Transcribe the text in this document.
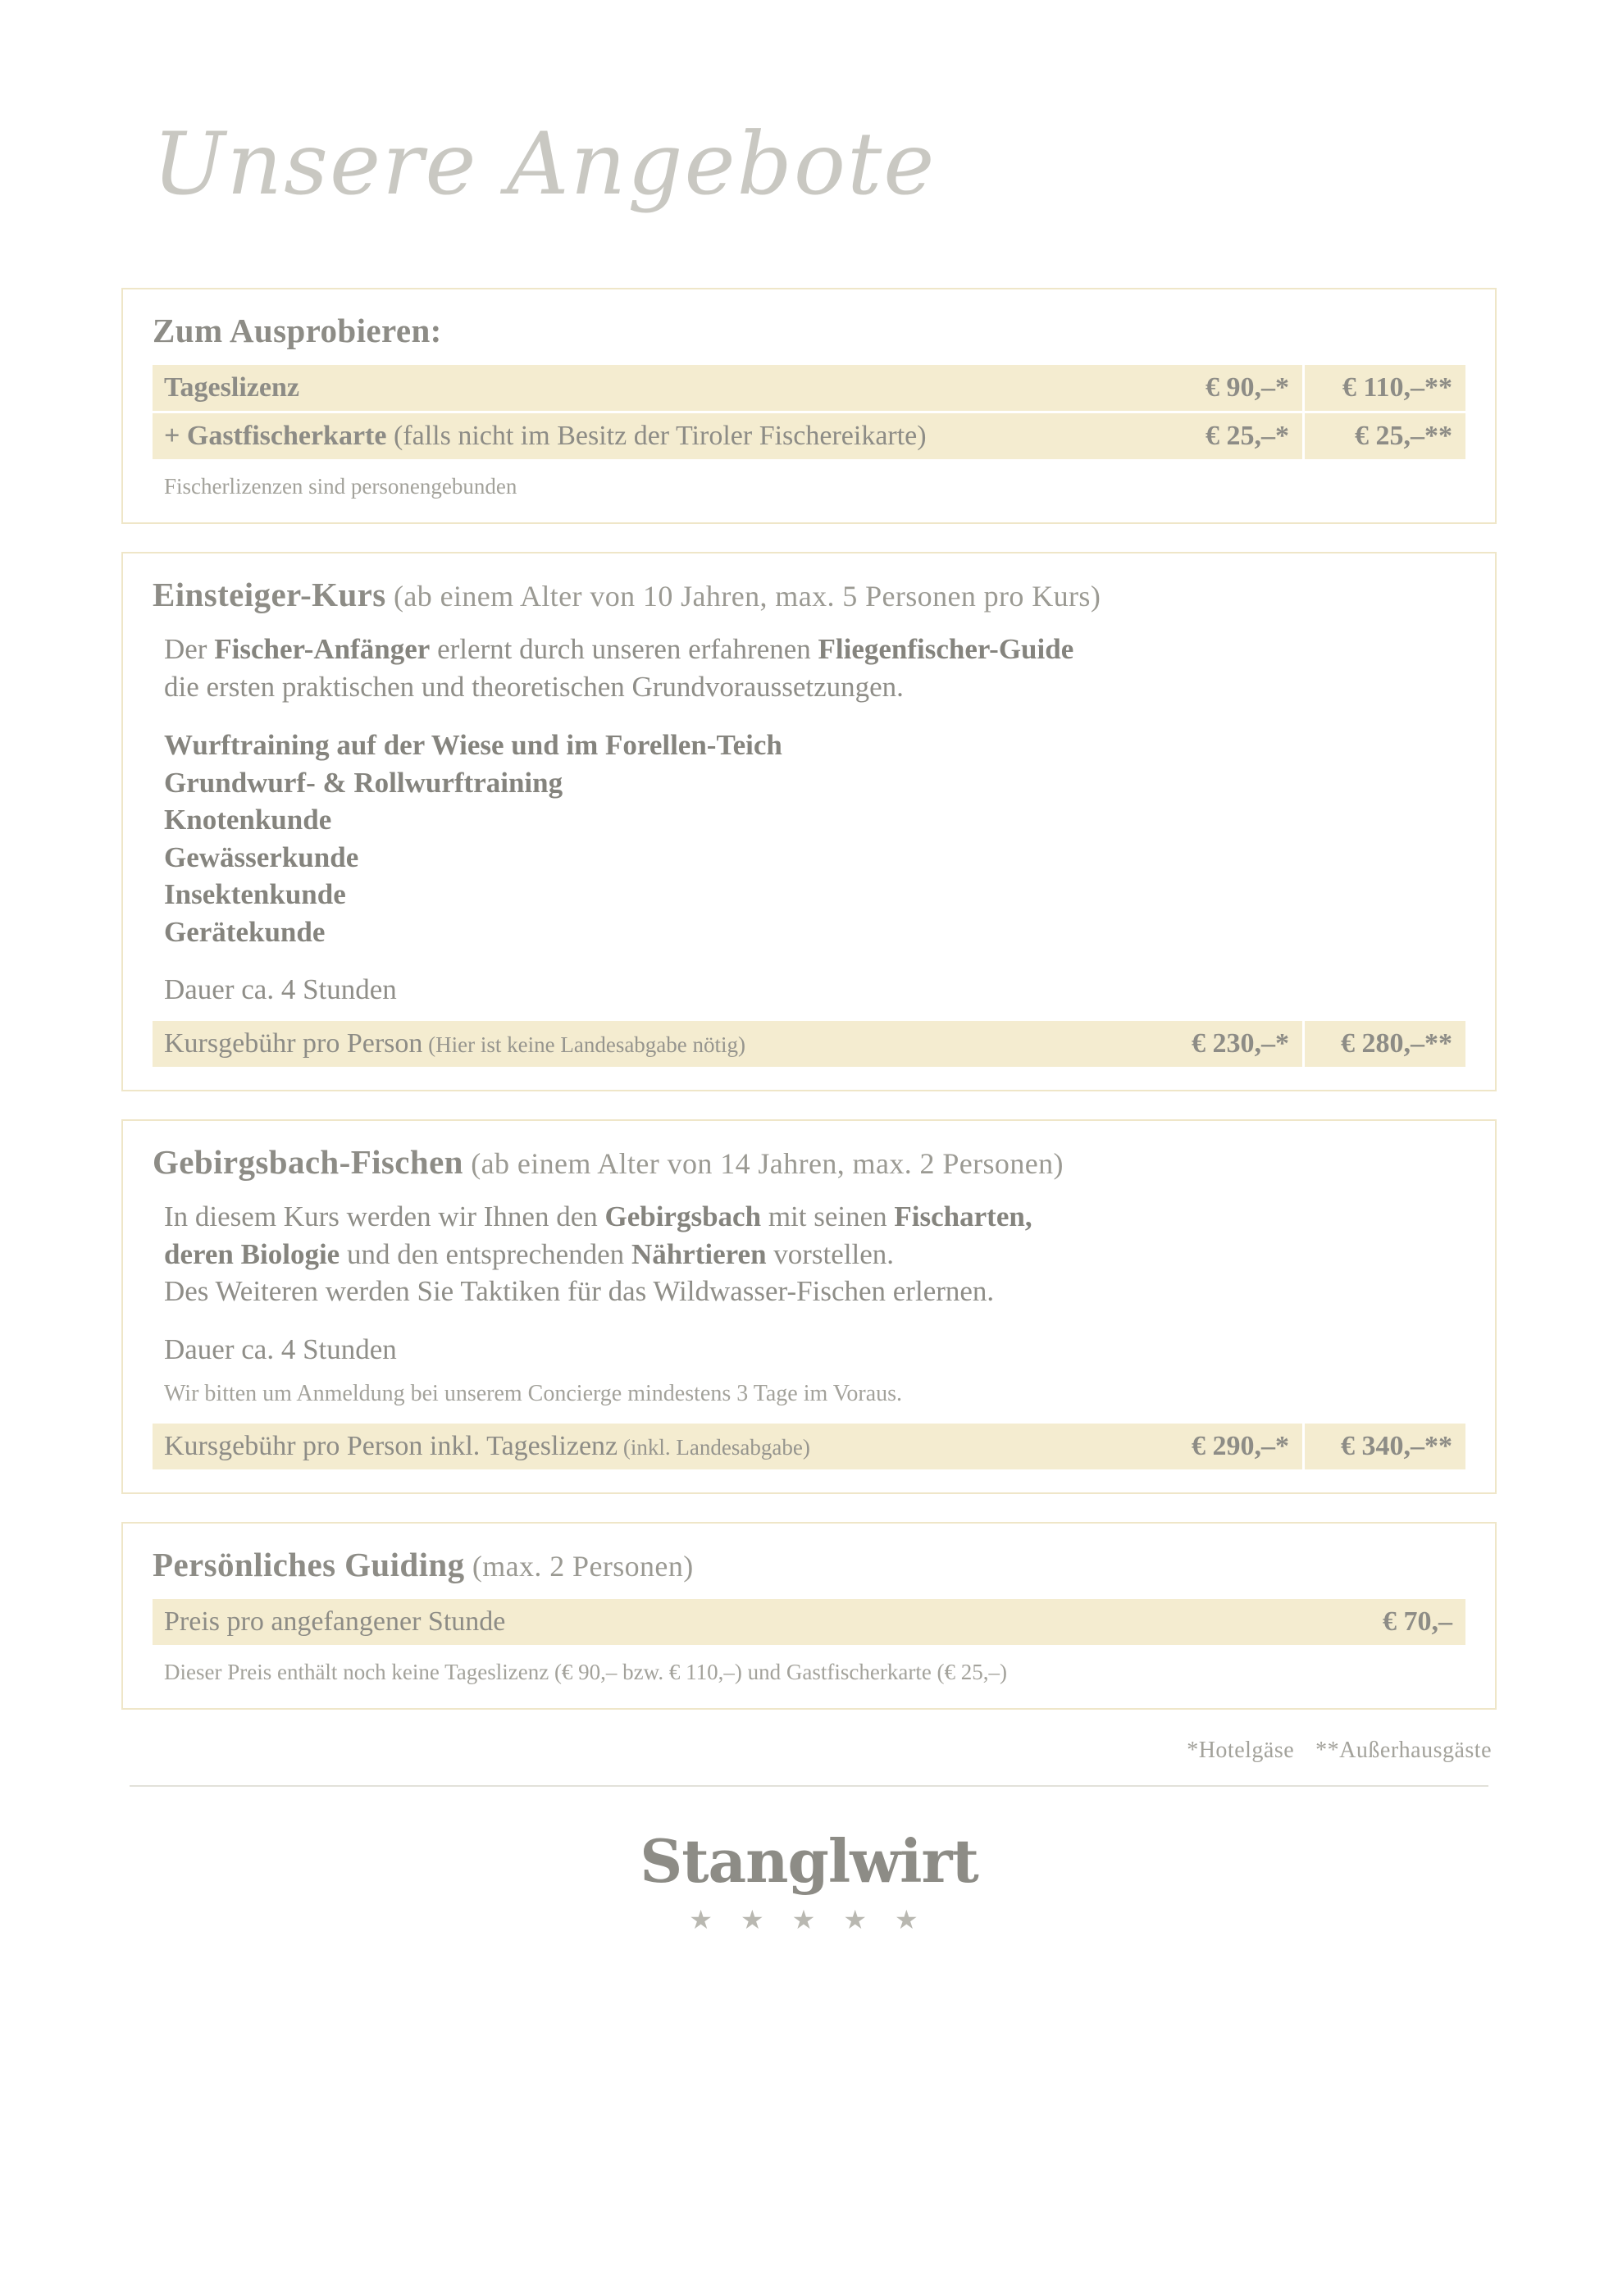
Unsere Angebote
Zum Ausprobieren:
Tageslizenz	€ 90,–*	€ 110,–**
+ Gastfischerkarte (falls nicht im Besitz der Tiroler Fischereikarte)	€ 25,–*	€ 25,–**
Fischerlizenzen sind personengebunden
Einsteiger-Kurs (ab einem Alter von 10 Jahren, max. 5 Personen pro Kurs)
Der Fischer-Anfänger erlernt durch unseren erfahrenen Fliegenfischer-Guide
die ersten praktischen und theoretischen Grundvoraussetzungen.
Wurftraining auf der Wiese und im Forellen-Teich
Grundwurf- & Rollwurftraining
Knotenkunde
Gewässerkunde
Insektenkunde
Gerätekunde
Dauer ca. 4 Stunden
Kursgebühr pro Person (Hier ist keine Landesabgabe nötig)	€ 230,–*	€ 280,–**
Gebirgsbach-Fischen (ab einem Alter von 14 Jahren, max. 2 Personen)
In diesem Kurs werden wir Ihnen den Gebirgsbach mit seinen Fischarten,
deren Biologie und den entsprechenden Nährtieren vorstellen.
Des Weiteren werden Sie Taktiken für das Wildwasser-Fischen erlernen.
Dauer ca. 4 Stunden
Wir bitten um Anmeldung bei unserem Concierge mindestens 3 Tage im Voraus.
Kursgebühr pro Person inkl. Tageslizenz (inkl. Landesabgabe)	€ 290,–*	€ 340,–**
Persönliches Guiding (max. 2 Personen)
Preis pro angefangener Stunde	€ 70,–
Dieser Preis enthält noch keine Tageslizenz (€ 90,– bzw. € 110,–) und Gastfischerkarte (€ 25,–)
*Hotelgäse **Außerhausgäste
Stanglwirt
★ ★ ★ ★ ★
